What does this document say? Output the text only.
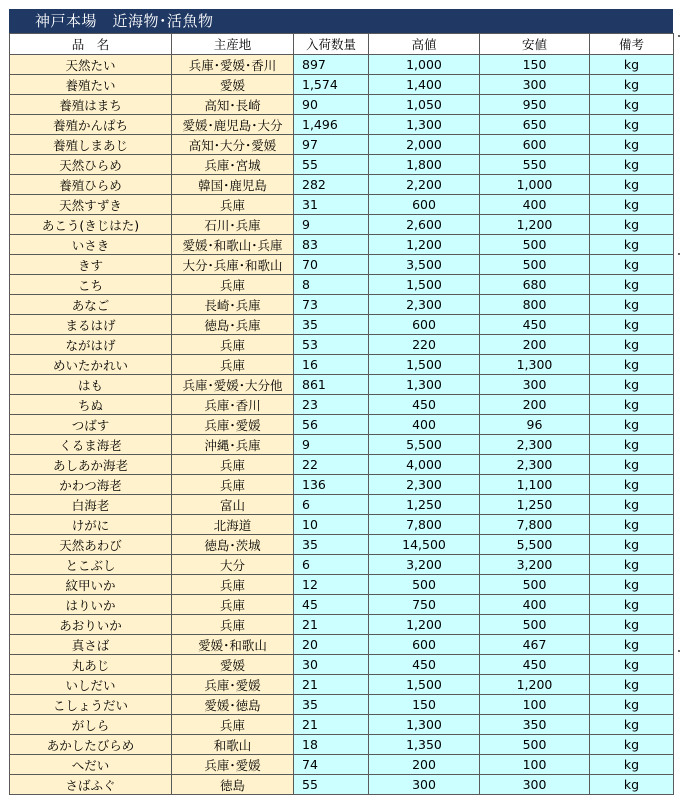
神戸本場　近海物･活魚物
品　名	主産地	入荷数量	高値	安値	備考
天然たい	兵庫･愛媛･香川	897	1,000	150	kg
養殖たい	愛媛	1,574	1,400	300	kg
養殖はまち	高知･長崎	90	1,050	950	kg
養殖かんぱち	愛媛･鹿児島･大分	1,496	1,300	650	kg
養殖しまあじ	高知･大分･愛媛	97	2,000	600	kg
天然ひらめ	兵庫･宮城	55	1,800	550	kg
養殖ひらめ	韓国･鹿児島	282	2,200	1,000	kg
天然すずき	兵庫	31	600	400	kg
あこう(きじはた)	石川･兵庫	9	2,600	1,200	kg
いさき	愛媛･和歌山･兵庫	83	1,200	500	kg
きす	大分･兵庫･和歌山	70	3,500	500	kg
こち	兵庫	8	1,500	680	kg
あなご	長崎･兵庫	73	2,300	800	kg
まるはげ	徳島･兵庫	35	600	450	kg
ながはげ	兵庫	53	220	200	kg
めいたかれい	兵庫	16	1,500	1,300	kg
はも	兵庫･愛媛･大分他	861	1,300	300	kg
ちぬ	兵庫･香川	23	450	200	kg
つばす	兵庫･愛媛	56	400	96	kg
くるま海老	沖縄･兵庫	9	5,500	2,300	kg
あしあか海老	兵庫	22	4,000	2,300	kg
かわつ海老	兵庫	136	2,300	1,100	kg
白海老	富山	6	1,250	1,250	kg
けがに	北海道	10	7,800	7,800	kg
天然あわび	徳島･茨城	35	14,500	5,500	kg
とこぶし	大分	6	3,200	3,200	kg
紋甲いか	兵庫	12	500	500	kg
はりいか	兵庫	45	750	400	kg
あおりいか	兵庫	21	1,200	500	kg
真さば	愛媛･和歌山	20	600	467	kg
丸あじ	愛媛	30	450	450	kg
いしだい	兵庫･愛媛	21	1,500	1,200	kg
こしょうだい	愛媛･徳島	35	150	100	kg
がしら	兵庫	21	1,300	350	kg
あかしたびらめ	和歌山	18	1,350	500	kg
へだい	兵庫･愛媛	74	200	100	kg
さばふぐ	徳島	55	300	300	kg
